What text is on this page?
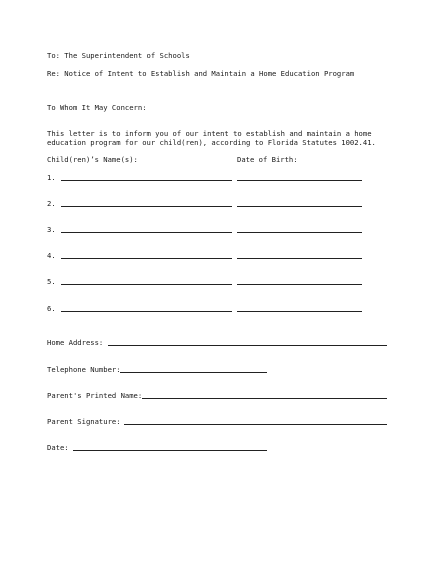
To: The Superintendent of Schools
Re: Notice of Intent to Establish and Maintain a Home Education Program
To Whom It May Concern:
This letter is to inform you of our intent to establish and maintain a home
education program for our child(ren), according to Florida Statutes 1002.41.
Child(ren)’s Name(s):	Date of Birth:
1.
2.
3.
4.
5.
6.
Home Address:
Telephone Number:
Parent's Printed Name:
Parent Signature:
Date:
